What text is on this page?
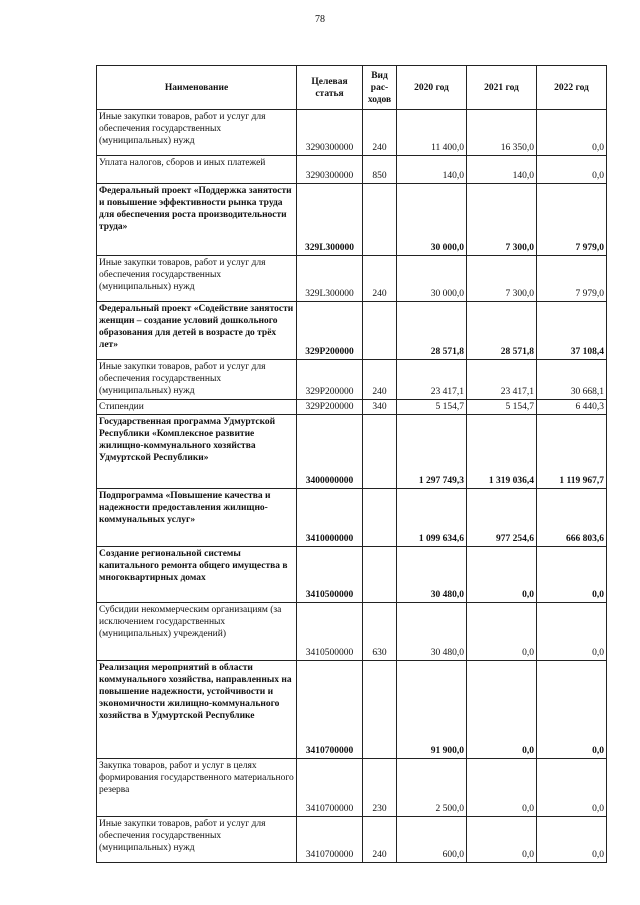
78
Наименование	Целевая статья	Вид рас-ходов	2020 год	2021 год	2022 год
Иные закупки товаров, работ и услуг для обеспечения государственных (муниципальных) нужд	3290300000	240	11 400,0	16 350,0	0,0
Уплата налогов, сборов и иных платежей	3290300000	850	140,0	140,0	0,0
Федеральный проект «Поддержка занятости и повышение эффективности рынка труда для обеспечения роста производительности труда»	329L300000		30 000,0	7 300,0	7 979,0
Иные закупки товаров, работ и услуг для обеспечения государственных (муниципальных) нужд	329L300000	240	30 000,0	7 300,0	7 979,0
Федеральный проект «Содействие занятости женщин – создание условий дошкольного образования для детей в возрасте до трёх лет»	329P200000		28 571,8	28 571,8	37 108,4
Иные закупки товаров, работ и услуг для обеспечения государственных (муниципальных) нужд	329P200000	240	23 417,1	23 417,1	30 668,1
Стипендии	329P200000	340	5 154,7	5 154,7	6 440,3
Государственная программа Удмуртской Республики «Комплексное развитие жилищно-коммунального хозяйства Удмуртской Республики»	3400000000		1 297 749,3	1 319 036,4	1 119 967,7
Подпрограмма «Повышение качества и надежности предоставления жилищно-коммунальных услуг»	3410000000		1 099 634,6	977 254,6	666 803,6
Создание региональной системы капитального ремонта общего имущества в многоквартирных домах	3410500000		30 480,0	0,0	0,0
Субсидии некоммерческим организациям (за исключением государственных (муниципальных) учреждений)	3410500000	630	30 480,0	0,0	0,0
Реализация мероприятий в области коммунального хозяйства, направленных на повышение надежности, устойчивости и экономичности жилищно-коммунального хозяйства в Удмуртской Республике	3410700000		91 900,0	0,0	0,0
Закупка товаров, работ и услуг в целях формирования государственного материального резерва	3410700000	230	2 500,0	0,0	0,0
Иные закупки товаров, работ и услуг для обеспечения государственных (муниципальных) нужд	3410700000	240	600,0	0,0	0,0
